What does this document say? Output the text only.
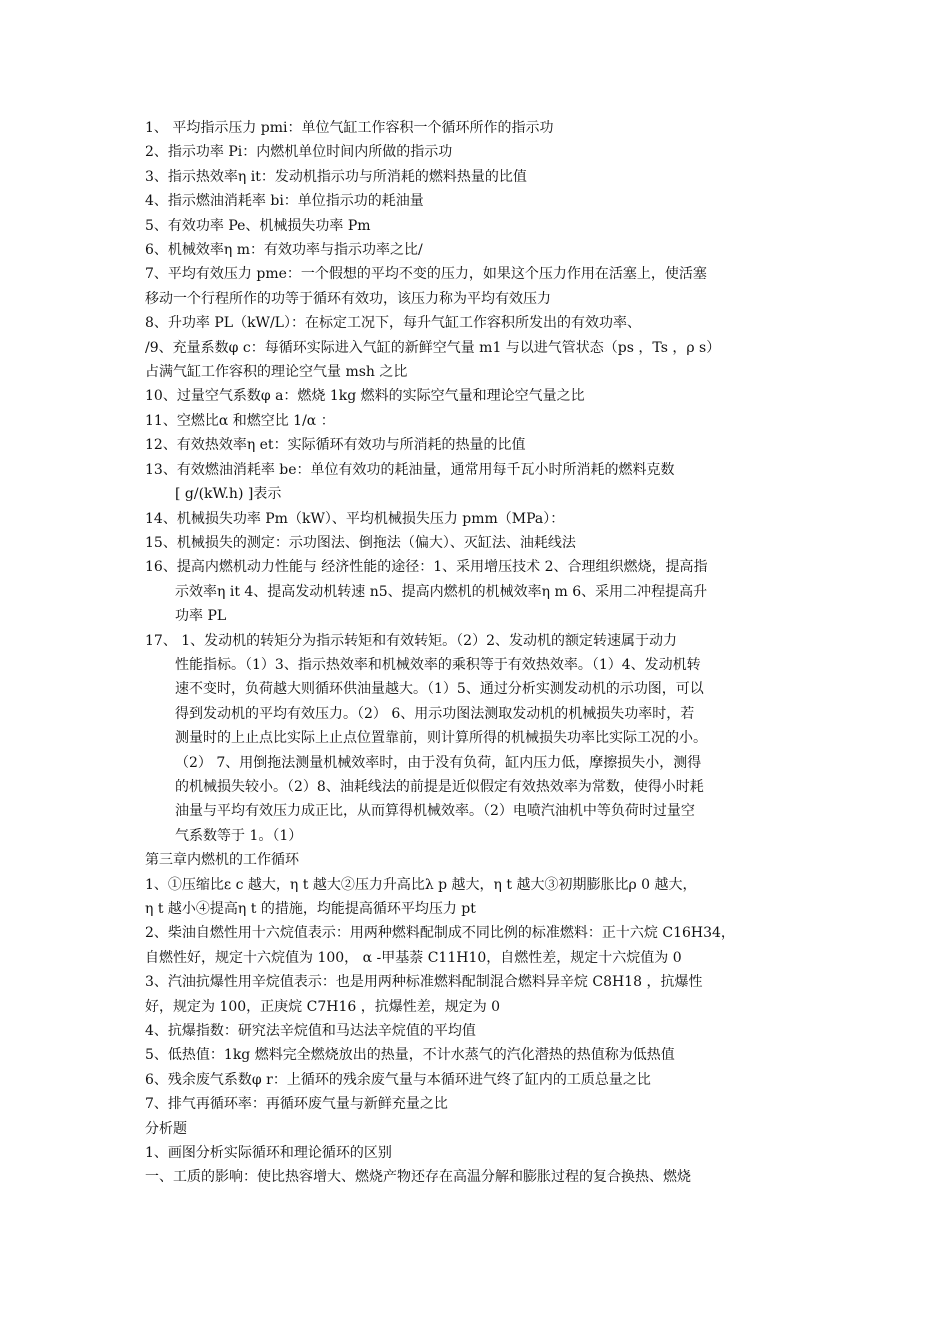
1、 平均指示压力 pmi：单位气缸工作容积一个循环所作的指示功
2、指示功率 Pi：内燃机单位时间内所做的指示功
3、指示热效率η it：发动机指示功与所消耗的燃料热量的比值
4、指示燃油消耗率 bi：单位指示功的耗油量
5、有效功率 Pe、机械损失功率 Pm
6、机械效率η m：有效功率与指示功率之比/
7、平均有效压力 pme：一个假想的平均不变的压力，如果这个压力作用在活塞上，使活塞
移动一个行程所作的功等于循环有效功，该压力称为平均有效压力
8、升功率 PL（kW/L）：在标定工况下，每升气缸工作容积所发出的有效功率、
/9、充量系数φ c：每循环实际进入气缸的新鲜空气量 m1 与以进气管状态（ps ，Ts ，ρ s）
占满气缸工作容积的理论空气量 msh 之比
10、过量空气系数φ a：燃烧 1kg 燃料的实际空气量和理论空气量之比
11、空燃比α 和燃空比 1/α ：
12、有效热效率η et：实际循环有效功与所消耗的热量的比值
13、有效燃油消耗率 be：单位有效功的耗油量，通常用每千瓦小时所消耗的燃料克数
[ g/(kW.h) ]表示
14、机械损失功率 Pm（kW）、平均机械损失压力 pmm（MPa）：
15、机械损失的测定：示功图法、倒拖法（偏大）、灭缸法、油耗线法
16、提高内燃机动力性能与 经济性能的途径：1、采用增压技术 2、合理组织燃烧，提高指
示效率η it 4、提高发动机转速 n5、提高内燃机的机械效率η m 6、采用二冲程提高升
功率 PL
17、 1、发动机的转矩分为指示转矩和有效转矩。（2）2、发动机的额定转速属于动力
性能指标。（1）3、指示热效率和机械效率的乘积等于有效热效率。（1）4、发动机转
速不变时，负荷越大则循环供油量越大。（1）5、通过分析实测发动机的示功图，可以
得到发动机的平均有效压力。（2） 6、用示功图法测取发动机的机械损失功率时，若
测量时的上止点比实际上止点位置靠前，则计算所得的机械损失功率比实际工况的小。
（2） 7、用倒拖法测量机械效率时，由于没有负荷，缸内压力低，摩擦损失小，测得
的机械损失较小。（2）8、油耗线法的前提是近似假定有效热效率为常数，使得小时耗
油量与平均有效压力成正比，从而算得机械效率。（2）电喷汽油机中等负荷时过量空
气系数等于 1。（1）
第三章内燃机的工作循环
1、①压缩比ε c 越大，η t 越大②压力升高比λ p 越大，η t 越大③初期膨胀比ρ 0 越大，
η t 越小④提高η t 的措施，均能提高循环平均压力 pt
2、柴油自燃性用十六烷值表示：用两种燃料配制成不同比例的标准燃料：正十六烷 C16H34，
自燃性好，规定十六烷值为 100， α -甲基萘 C11H10，自燃性差，规定十六烷值为 0
3、汽油抗爆性用辛烷值表示：也是用两种标准燃料配制混合燃料异辛烷 C8H18 ，抗爆性
好，规定为 100，正庚烷 C7H16 ，抗爆性差，规定为 0
4、抗爆指数：研究法辛烷值和马达法辛烷值的平均值
5、低热值：1kg 燃料完全燃烧放出的热量，不计水蒸气的汽化潜热的热值称为低热值
6、残余废气系数φ r：上循环的残余废气量与本循环进气终了缸内的工质总量之比
7、排气再循环率：再循环废气量与新鲜充量之比
分析题
1、画图分析实际循环和理论循环的区别
一、工质的影响：使比热容增大、燃烧产物还存在高温分解和膨胀过程的复合换热、燃烧
